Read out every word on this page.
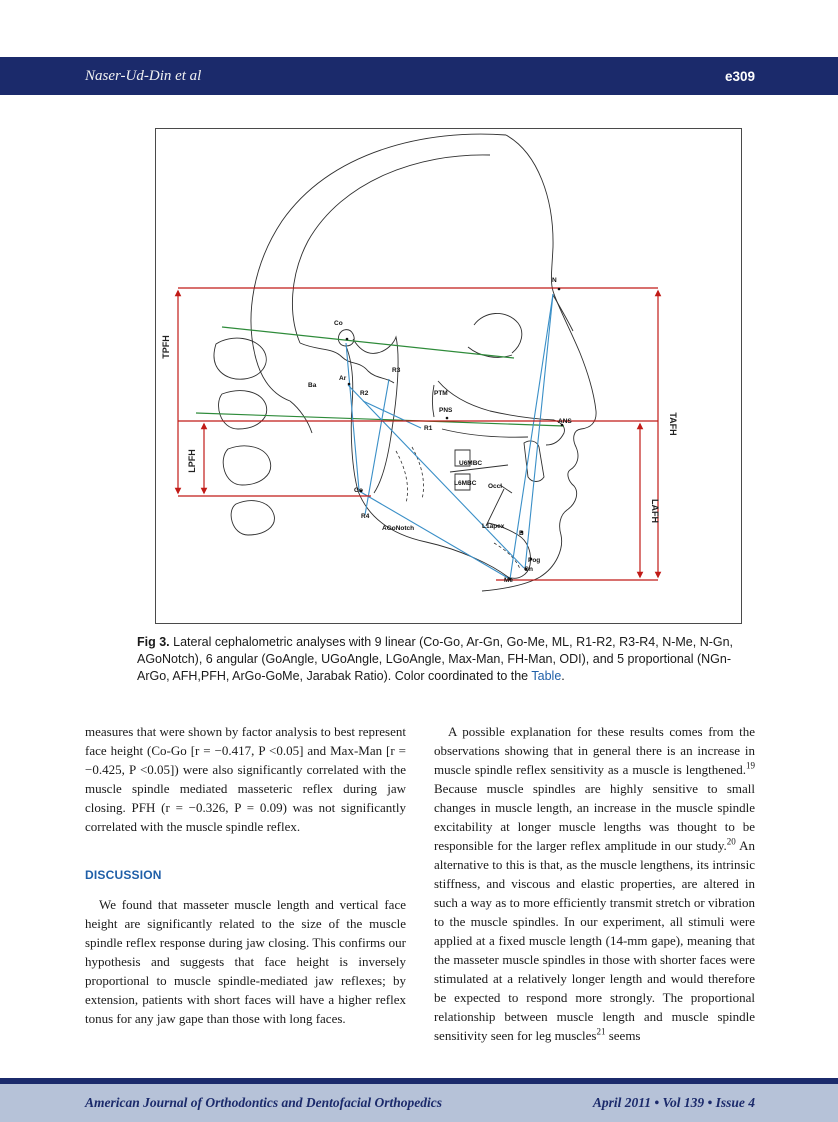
Naser-Ud-Din et al	e309
N
Co
Ar
Ba
R3
R2	PTM
PNS
R1
ANS
U6MBC
L6MBC Occl
Go
R4
AGoNotch	L1apex
B
Pog
Gn
Me
TPFH
LPFH
TAFH
LAFH
Fig 3. Lateral cephalometric analyses with 9 linear (Co-Go, Ar-Gn, Go-Me, ML, R1-R2, R3-R4, N-Me, N-Gn, AGoNotch), 6 angular (GoAngle, UGoAngle, LGoAngle, Max-Man, FH-Man, ODI), and 5 proportional (NGn-ArGo, AFH,PFH, ArGo-GoMe, Jarabak Ratio). Color coordinated to the Table.

measures that were shown by factor analysis to best represent face height (Co-Go [r = −0.417, P <0.05] and Max-Man [r = −0.425, P <0.05]) were also significantly correlated with the muscle spindle mediated masseteric reflex during jaw closing. PFH (r = −0.326, P = 0.09) was not significantly correlated with the muscle spindle reflex.

DISCUSSION

We found that masseter muscle length and vertical face height are significantly related to the size of the muscle spindle reflex response during jaw closing. This confirms our hypothesis and suggests that face height is inversely proportional to muscle spindle-mediated jaw reflexes; by extension, patients with short faces will have a higher reflex tonus for any jaw gape than those with long faces.

A possible explanation for these results comes from the observations showing that in general there is an increase in muscle spindle reflex sensitivity as a muscle is lengthened.$^{19}$ Because muscle spindles are highly sensitive to small changes in muscle length, an increase in the muscle spindle excitability at longer muscle lengths was thought to be responsible for the larger reflex amplitude in our study.$^{20}$ An alternative to this is that, as the muscle lengthens, its intrinsic stiffness, and viscous and elastic properties, are altered in such a way as to more efficiently transmit stretch or vibration to the muscle spindles. In our experiment, all stimuli were applied at a fixed muscle length (14-mm gape), meaning that the masseter muscle spindles in those with shorter faces were stimulated at a relatively longer length and would therefore be expected to respond more strongly. The proportional relationship between muscle length and muscle spindle sensitivity seen for leg muscles$^{21}$ seems

American Journal of Orthodontics and Dentofacial Orthopedics	April 2011 • Vol 139 • Issue 4
